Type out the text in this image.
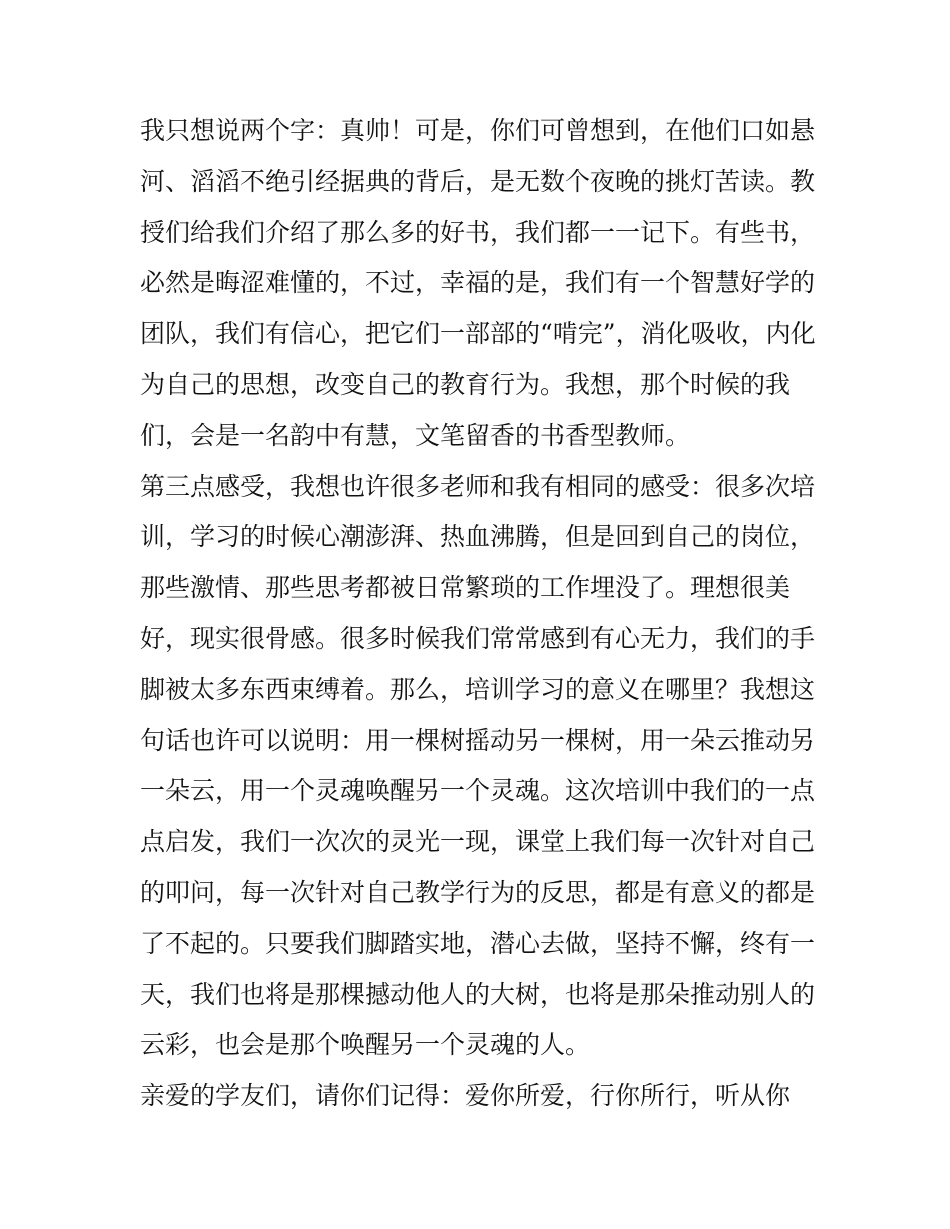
我只想说两个字：真帅！可是，你们可曾想到，在他们口如悬
河、滔滔不绝引经据典的背后，是无数个夜晚的挑灯苦读。教
授们给我们介绍了那么多的好书，我们都一一记下。有些书，
必然是晦涩难懂的，不过，幸福的是，我们有一个智慧好学的
团队，我们有信心，把它们一部部的“啃完”，消化吸收，内化
为自己的思想，改变自己的教育行为。我想，那个时候的我
们，会是一名韵中有慧，文笔留香的书香型教师。
第三点感受，我想也许很多老师和我有相同的感受：很多次培
训，学习的时候心潮澎湃、热血沸腾，但是回到自己的岗位，
那些激情、那些思考都被日常繁琐的工作埋没了。理想很美
好，现实很骨感。很多时候我们常常感到有心无力，我们的手
脚被太多东西束缚着。那么，培训学习的意义在哪里？我想这
句话也许可以说明：用一棵树摇动另一棵树，用一朵云推动另
一朵云，用一个灵魂唤醒另一个灵魂。这次培训中我们的一点
点启发，我们一次次的灵光一现，课堂上我们每一次针对自己
的叩问，每一次针对自己教学行为的反思，都是有意义的都是
了不起的。只要我们脚踏实地，潜心去做，坚持不懈，终有一
天，我们也将是那棵撼动他人的大树，也将是那朵推动别人的
云彩，也会是那个唤醒另一个灵魂的人。
亲爱的学友们，请你们记得：爱你所爱，行你所行，听从你
